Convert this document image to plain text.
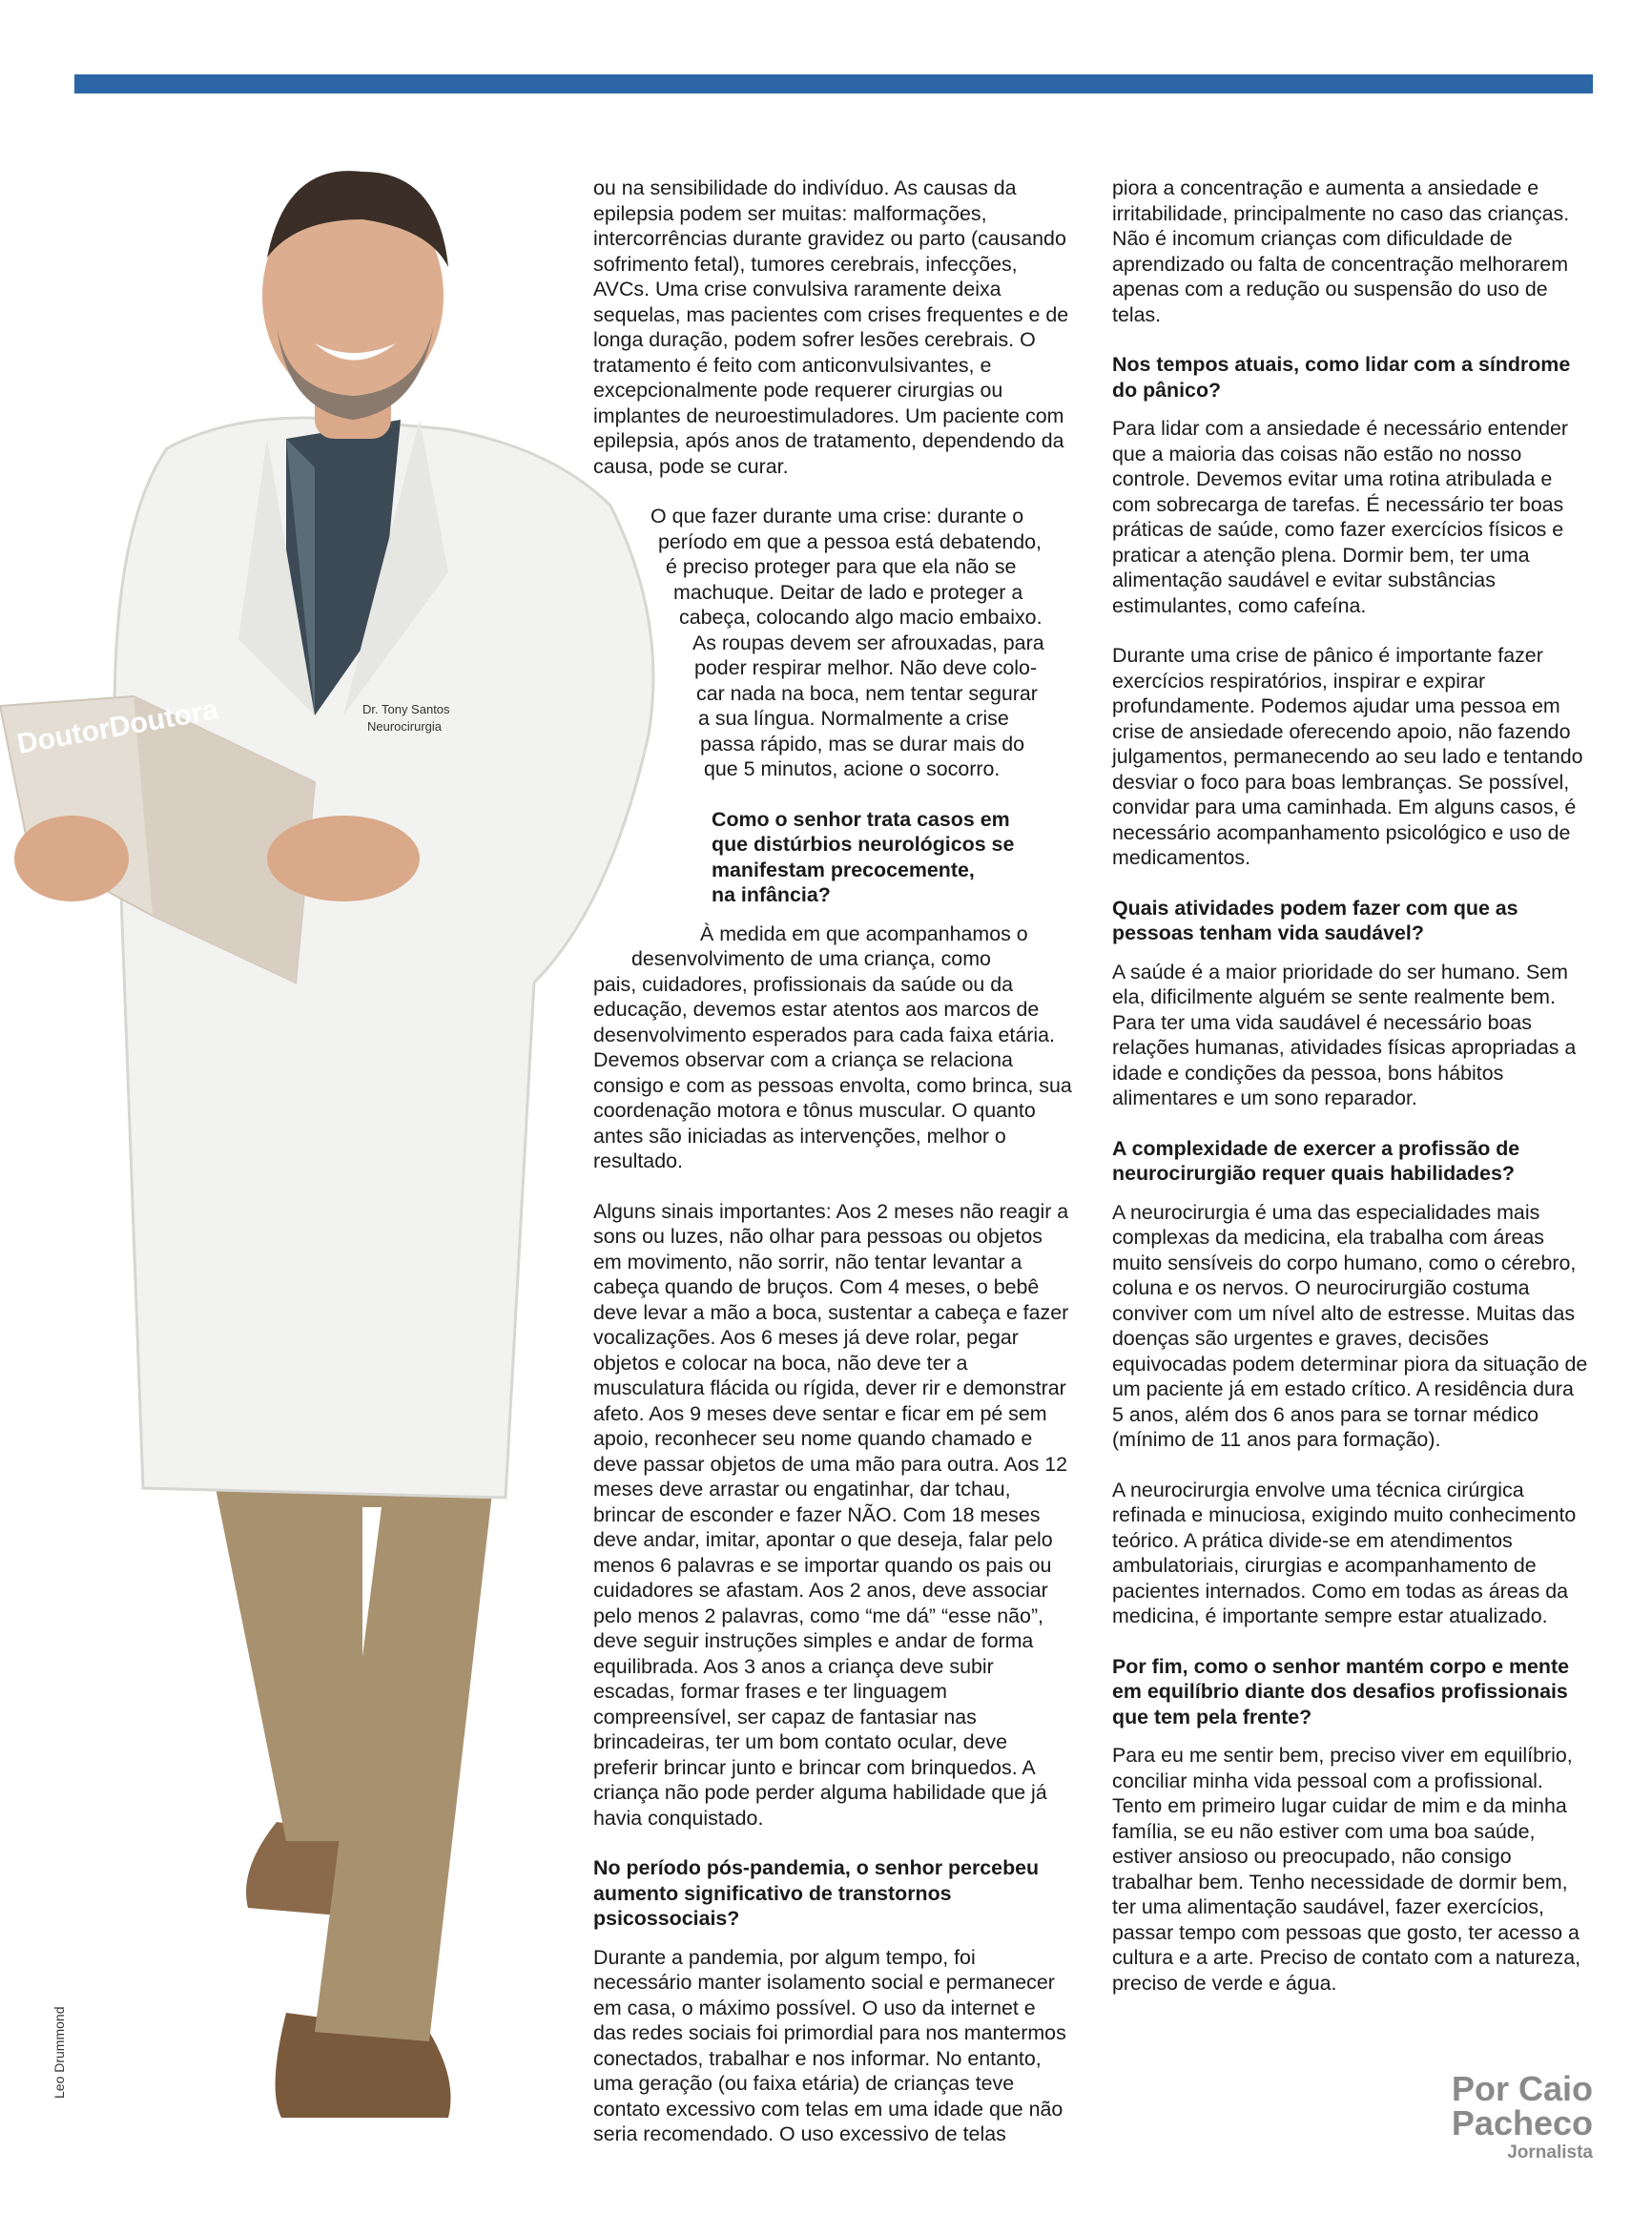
Dr. Tony Santos
Neurocirurgia
DoutorDoutora
Leo Drummond

ou na sensibilidade do indivíduo. As causas da epilepsia podem ser muitas: malformações, intercorrências durante gravidez ou parto (causando sofrimento fetal), tumores cerebrais, infecções, AVCs. Uma crise convulsiva raramente deixa sequelas, mas pacientes com crises frequentes e de longa duração, podem sofrer lesões cerebrais. O tratamento é feito com anticonvulsivantes, e excepcionalmente pode requerer cirurgias ou implantes de neuroestimuladores. Um paciente com epilepsia, após anos de tratamento, dependendo da causa, pode se curar.

O que fazer durante uma crise: durante o
período em que a pessoa está debatendo,
é preciso proteger para que ela não se
machuque. Deitar de lado e proteger a
cabeça, colocando algo macio embaixo.
As roupas devem ser afrouxadas, para
poder respirar melhor. Não deve colo-
car nada na boca, nem tentar segurar
a sua língua. Normalmente a crise
passa rápido, mas se durar mais do
que 5 minutos, acione o socorro.
Como o senhor trata casos em
que distúrbios neurológicos se
manifestam precocemente,
na infância?
À medida em que acompanhamos o
desenvolvimento de uma criança, como
pais, cuidadores, profissionais da saúde ou da educação, devemos estar atentos aos marcos de desenvolvimento esperados para cada faixa etária. Devemos observar com a criança se relaciona consigo e com as pessoas envolta, como brinca, sua coordenação motora e tônus muscular. O quanto antes são iniciadas as intervenções, melhor o resultado.

Alguns sinais importantes: Aos 2 meses não reagir a sons ou luzes, não olhar para pessoas ou objetos em movimento, não sorrir, não tentar levantar a cabeça quando de bruços. Com 4 meses, o bebê deve levar a mão a boca, sustentar a cabeça e fazer vocalizações. Aos 6 meses já deve rolar, pegar objetos e colocar na boca, não deve ter a musculatura flácida ou rígida, dever rir e demonstrar afeto. Aos 9 meses deve sentar e ficar em pé sem apoio, reconhecer seu nome quando chamado e deve passar objetos de uma mão para outra. Aos 12 meses deve arrastar ou engatinhar, dar tchau, brincar de esconder e fazer NÃO. Com 18 meses deve andar, imitar, apontar o que deseja, falar pelo menos 6 palavras e se importar quando os pais ou cuidadores se afastam. Aos 2 anos, deve associar pelo menos 2 palavras, como “me dá” “esse não”, deve seguir instruções simples e andar de forma equilibrada. Aos 3 anos a criança deve subir escadas, formar frases e ter linguagem compreensível, ser capaz de fantasiar nas brincadeiras, ter um bom contato ocular, deve preferir brincar junto e brincar com brinquedos. A criança não pode perder alguma habilidade que já havia conquistado.

No período pós-pandemia, o senhor percebeu aumento significativo de transtornos psicossociais?

Durante a pandemia, por algum tempo, foi necessário manter isolamento social e permanecer em casa, o máximo possível. O uso da internet e das redes sociais foi primordial para nos mantermos conectados, trabalhar e nos informar. No entanto, uma geração (ou faixa etária) de crianças teve contato excessivo com telas em uma idade que não seria recomendado. O uso excessivo de telas

piora a concentração e aumenta a ansiedade e irritabilidade, principalmente no caso das crianças. Não é incomum crianças com dificuldade de aprendizado ou falta de concentração melhorarem apenas com a redução ou suspensão do uso de telas.

Nos tempos atuais, como lidar com a síndrome do pânico?

Para lidar com a ansiedade é necessário entender que a maioria das coisas não estão no nosso controle. Devemos evitar uma rotina atribulada e com sobrecarga de tarefas. É necessário ter boas práticas de saúde, como fazer exercícios físicos e praticar a atenção plena. Dormir bem, ter uma alimentação saudável e evitar substâncias estimulantes, como cafeína.

Durante uma crise de pânico é importante fazer exercícios respiratórios, inspirar e expirar profundamente. Podemos ajudar uma pessoa em crise de ansiedade oferecendo apoio, não fazendo julgamentos, permanecendo ao seu lado e tentando desviar o foco para boas lembranças. Se possível, convidar para uma caminhada. Em alguns casos, é necessário acompanhamento psicológico e uso de medicamentos.

Quais atividades podem fazer com que as pessoas tenham vida saudável?

A saúde é a maior prioridade do ser humano. Sem ela, dificilmente alguém se sente realmente bem. Para ter uma vida saudável é necessário boas relações humanas, atividades físicas apropriadas a idade e condições da pessoa, bons hábitos alimentares e um sono reparador.

A complexidade de exercer a profissão de neurocirurgião requer quais habilidades?

A neurocirurgia é uma das especialidades mais complexas da medicina, ela trabalha com áreas muito sensíveis do corpo humano, como o cérebro, coluna e os nervos. O neurocirurgião costuma conviver com um nível alto de estresse. Muitas das doenças são urgentes e graves, decisões equivocadas podem determinar piora da situação de um paciente já em estado crítico. A residência dura 5 anos, além dos 6 anos para se tornar médico (mínimo de 11 anos para formação).

A neurocirurgia envolve uma técnica cirúrgica refinada e minuciosa, exigindo muito conhecimento teórico. A prática divide-se em atendimentos ambulatoriais, cirurgias e acompanhamento de pacientes internados. Como em todas as áreas da medicina, é importante sempre estar atualizado.

Por fim, como o senhor mantém corpo e mente em equilíbrio diante dos desafios profissionais que tem pela frente?

Para eu me sentir bem, preciso viver em equilíbrio, conciliar minha vida pessoal com a profissional. Tento em primeiro lugar cuidar de mim e da minha família, se eu não estiver com uma boa saúde, estiver ansioso ou preocupado, não consigo trabalhar bem. Tenho necessidade de dormir bem, ter uma alimentação saudável, fazer exercícios, passar tempo com pessoas que gosto, ter acesso a cultura e a arte. Preciso de contato com a natureza, preciso de verde e água.

Por Caio
Pacheco
Jornalista
